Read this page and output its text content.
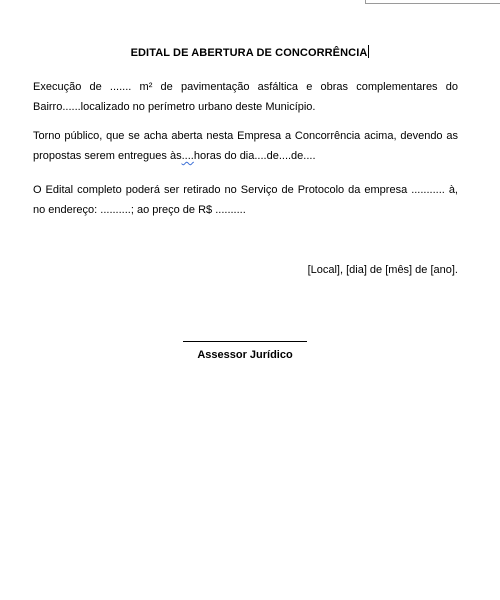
EDITAL DE ABERTURA DE CONCORRÊNCIA
Execução de ....... m² de pavimentação asfáltica e obras complementares do Bairro......localizado no perímetro urbano deste Município.
Torno público, que se acha aberta nesta Empresa a Concorrência acima, devendo as propostas serem entregues às....horas do dia....de....de....
O Edital completo poderá ser retirado no Serviço de Protocolo da empresa ........... à, no endereço: ..........; ao preço de R$ ..........
[Local], [dia] de [mês] de [ano].
Assessor Jurídico
